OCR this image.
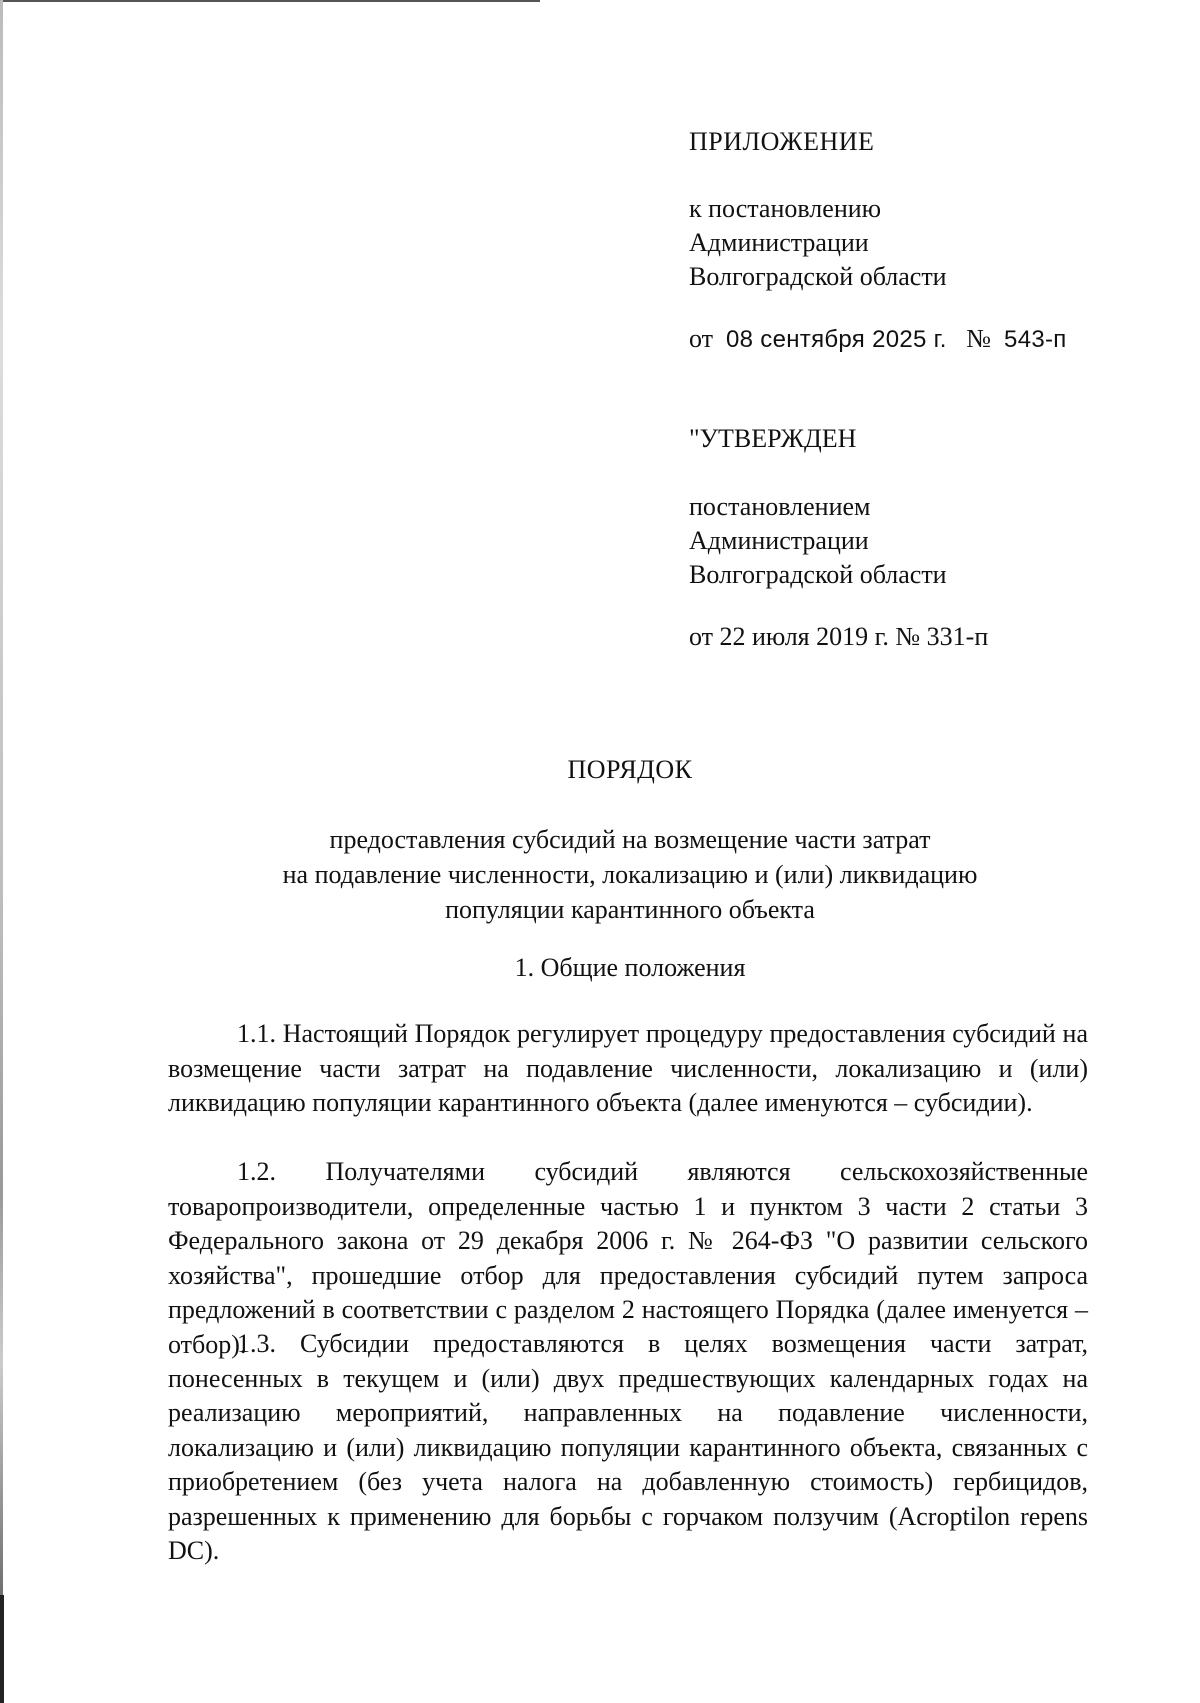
ПРИЛОЖЕНИЕ
к постановлению
Администрации
Волгоградской области
от 08 сентября 2025 г. № 543-п
"УТВЕРЖДЕН
постановлением
Администрации
Волгоградской области
от 22 июля 2019 г. № 331-п
ПОРЯДОК
предоставления субсидий на возмещение части затрат
на подавление численности, локализацию и (или) ликвидацию
популяции карантинного объекта
1. Общие положения

1.1. Настоящий Порядок регулирует процедуру предоставления субсидий на возмещение части затрат на подавление численности, локализацию и (или) ликвидацию популяции карантинного объекта (далее именуются – субсидии).

1.2. Получателями субсидий являются сельскохозяйственные товаропроизводители, определенные частью 1 и пунктом 3 части 2 статьи 3 Федерального закона от 29 декабря 2006 г. № 264-ФЗ "О развитии сельского хозяйства", прошедшие отбор для предоставления субсидий путем запроса предложений в соответствии с разделом 2 настоящего Порядка (далее именуется – отбор).

1.3. Субсидии предоставляются в целях возмещения части затрат, понесенных в текущем и (или) двух предшествующих календарных годах на реализацию мероприятий, направленных на подавление численности, локализацию и (или) ликвидацию популяции карантинного объекта, связанных с приобретением (без учета налога на добавленную стоимость) гербицидов, разрешенных к применению для борьбы с горчаком ползучим (Acroptilon repens DC).
